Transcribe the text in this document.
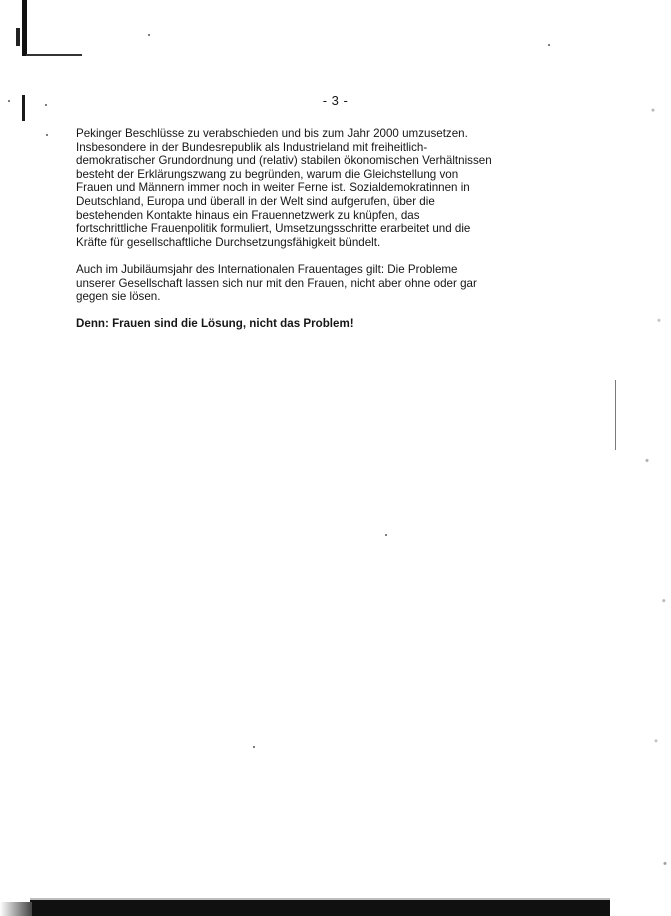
- 3 -

Pekinger Beschlüsse zu verabschieden und bis zum Jahr 2000 umzusetzen.
Insbesondere in der Bundesrepublik als Industrieland mit freiheitlich-
demokratischer Grundordnung und (relativ) stabilen ökonomischen Verhältnissen
besteht der Erklärungszwang zu begründen, warum die Gleichstellung von
Frauen und Männern immer noch in weiter Ferne ist. Sozialdemokratinnen in
Deutschland, Europa und überall in der Welt sind aufgerufen, über die
bestehenden Kontakte hinaus ein Frauennetzwerk zu knüpfen, das
fortschrittliche Frauenpolitik formuliert, Umsetzungsschritte erarbeitet und die
Kräfte für gesellschaftliche Durchsetzungsfähigkeit bündelt.

Auch im Jubiläumsjahr des Internationalen Frauentages gilt: Die Probleme
unserer Gesellschaft lassen sich nur mit den Frauen, nicht aber ohne oder gar
gegen sie lösen.

Denn: Frauen sind die Lösung, nicht das Problem!
